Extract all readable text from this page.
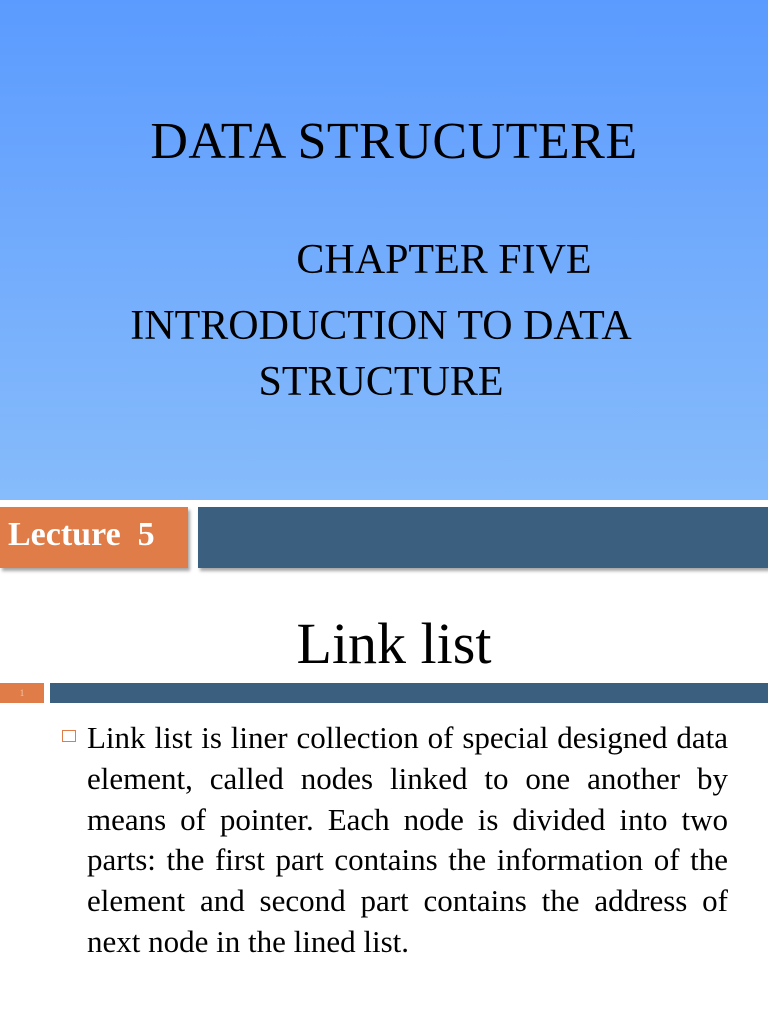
DATA STRUCUTERE
CHAPTER FIVE
INTRODUCTION TO DATA
STRUCTURE
Lecture  5
Link list
1
Link list is liner collection of special designed data element, called nodes linked to one another by means of pointer. Each node is divided into two parts: the first part contains the information of the element and second part contains the address of next node in the lined list.
